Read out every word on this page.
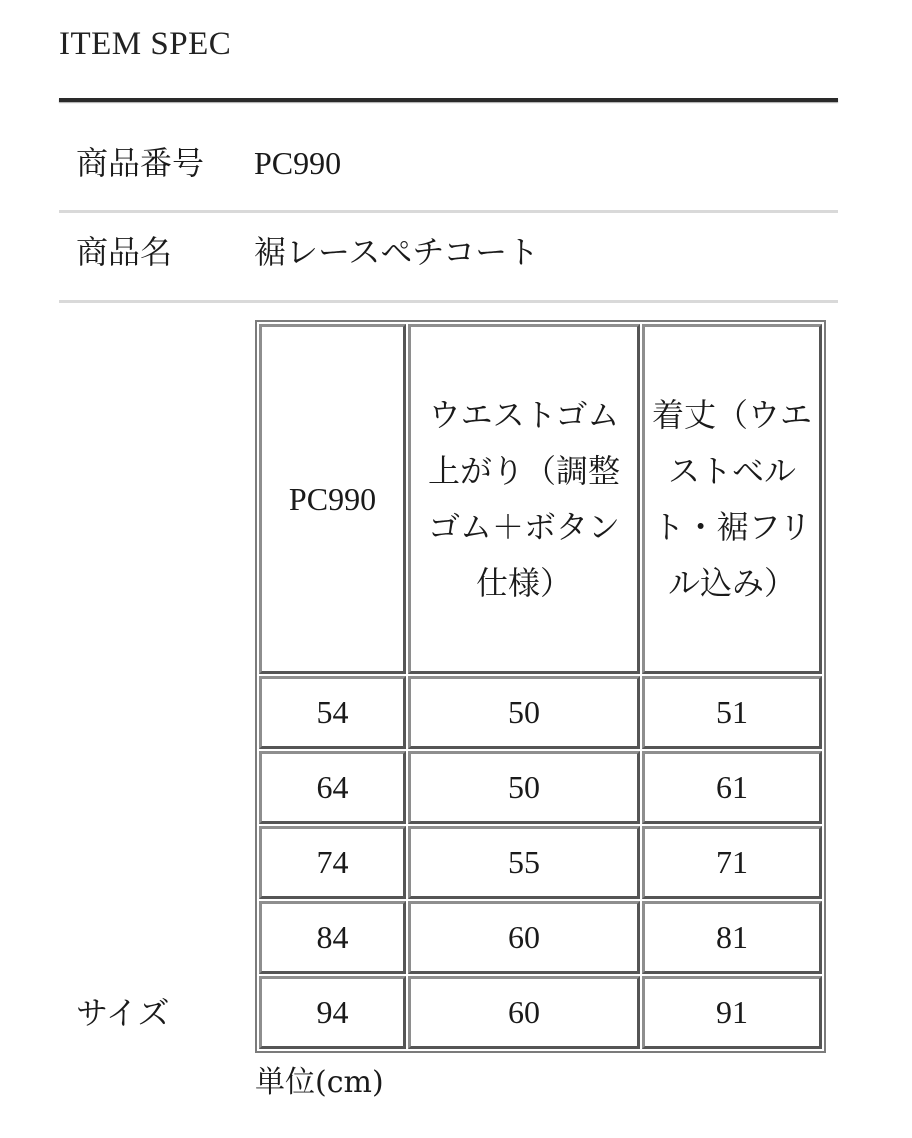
ITEM SPEC
商品番号 PC990
商品名	裾レースペチコート
サイズ
PC990	ウエストゴム上がり（調整ゴム＋ボタン仕様）	着丈（ウエストベルト・裾フリル込み）
54	50	51
64	50	61
74	55	71
84	60	81
94	60	91
単位(cm)
